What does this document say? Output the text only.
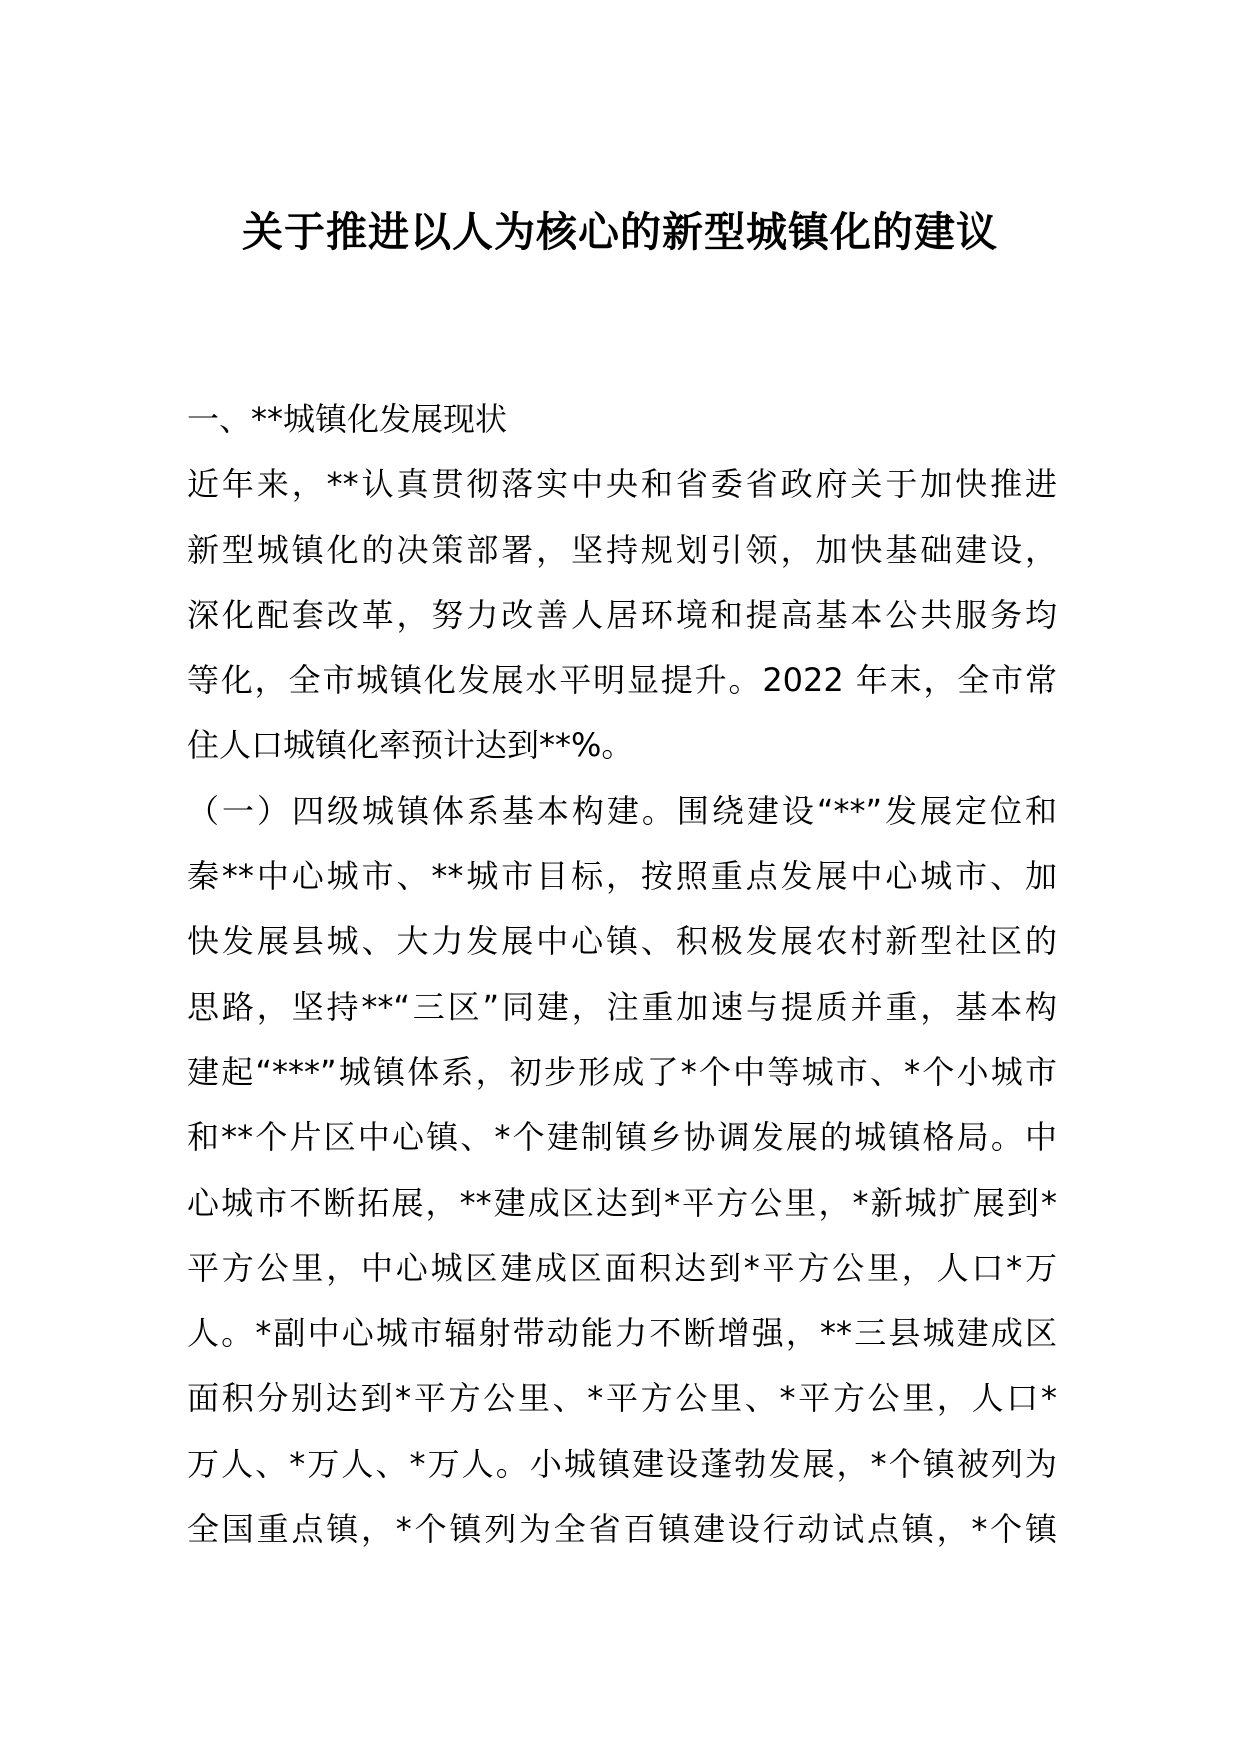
关于推进以人为核心的新型城镇化的建议
一、**城镇化发展现状
近年来，**认真贯彻落实中央和省委省政府关于加快推进
新型城镇化的决策部署，坚持规划引领，加快基础建设，
深化配套改革，努力改善人居环境和提高基本公共服务均
等化，全市城镇化发展水平明显提升。2022 年末，全市常
住人口城镇化率预计达到**%。
（一）四级城镇体系基本构建。围绕建设“**”发展定位和
秦**中心城市、**城市目标，按照重点发展中心城市、加
快发展县城、大力发展中心镇、积极发展农村新型社区的
思路，坚持**“三区”同建，注重加速与提质并重，基本构
建起“***”城镇体系，初步形成了*个中等城市、*个小城市
和**个片区中心镇、*个建制镇乡协调发展的城镇格局。中
心城市不断拓展，**建成区达到*平方公里，*新城扩展到*
平方公里，中心城区建成区面积达到*平方公里，人口*万
人。*副中心城市辐射带动能力不断增强，**三县城建成区
面积分别达到*平方公里、*平方公里、*平方公里，人口*
万人、*万人、*万人。小城镇建设蓬勃发展，*个镇被列为
全国重点镇，*个镇列为全省百镇建设行动试点镇，*个镇
